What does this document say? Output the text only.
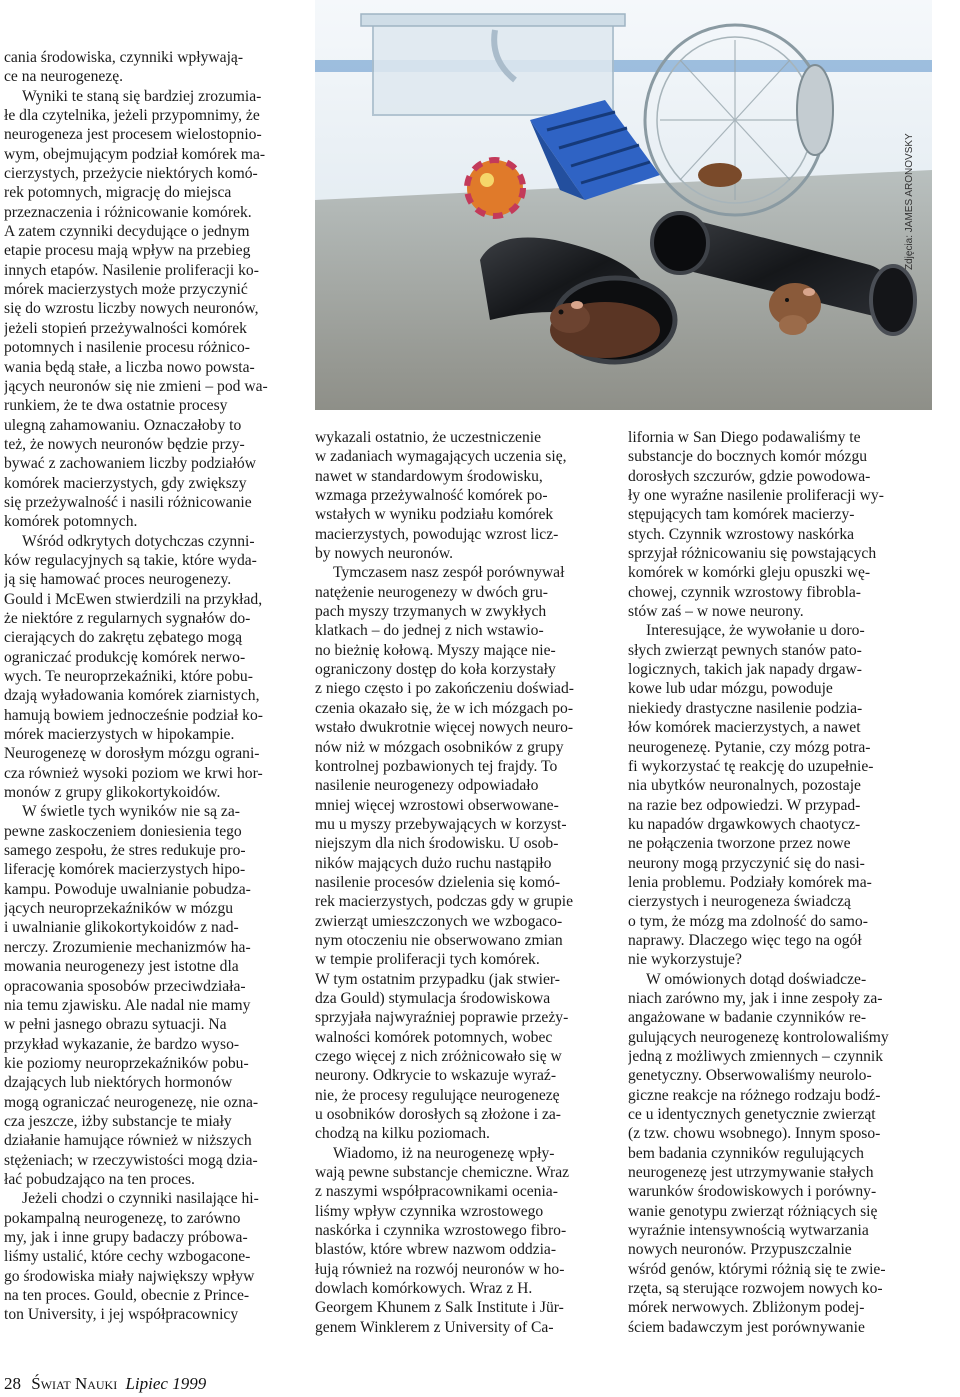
Zdjęcia: JAMES ARONOVSKY
cania środowiska, czynniki wpływają-
ce na neurogenezę.
Wyniki te staną się bardziej zrozumia-
łe dla czytelnika, jeżeli przypomnimy, że
neurogeneza jest procesem wielostopnio-
wym, obejmującym podział komórek ma-
cierzystych, przeżycie niektórych komó-
rek potomnych, migrację do miejsca
przeznaczenia i różnicowanie komórek.
A zatem czynniki decydujące o jednym
etapie procesu mają wpływ na przebieg
innych etapów. Nasilenie proliferacji ko-
mórek macierzystych może przyczynić
się do wzrostu liczby nowych neuronów,
jeżeli stopień przeżywalności komórek
potomnych i nasilenie procesu różnico-
wania będą stałe, a liczba nowo powsta-
jących neuronów się nie zmieni – pod wa-
runkiem, że te dwa ostatnie procesy
ulegną zahamowaniu. Oznaczałoby to
też, że nowych neuronów będzie przy-
bywać z zachowaniem liczby podziałów
komórek macierzystych, gdy zwiększy
się przeżywalność i nasili różnicowanie
komórek potomnych.
Wśród odkrytych dotychczas czynni-
ków regulacyjnych są takie, które wyda-
ją się hamować proces neurogenezy.
Gould i McEwen stwierdzili na przykład,
że niektóre z regularnych sygnałów do-
cierających do zakrętu zębatego mogą
ograniczać produkcję komórek nerwo-
wych. Te neuroprzekaźniki, które pobu-
dzają wyładowania komórek ziarnistych,
hamują bowiem jednocześnie podział ko-
mórek macierzystych w hipokampie.
Neurogenezę w dorosłym mózgu ograni-
cza również wysoki poziom we krwi hor-
monów z grupy glikokortykoidów.
W świetle tych wyników nie są za-
pewne zaskoczeniem doniesienia tego
samego zespołu, że stres redukuje pro-
liferację komórek macierzystych hipo-
kampu. Powoduje uwalnianie pobudza-
jących neuroprzekaźników w mózgu
i uwalnianie glikokortykoidów z nad-
nerczy. Zrozumienie mechanizmów ha-
mowania neurogenezy jest istotne dla
opracowania sposobów przeciwdziała-
nia temu zjawisku. Ale nadal nie mamy
w pełni jasnego obrazu sytuacji. Na
przykład wykazanie, że bardzo wyso-
kie poziomy neuroprzekaźników pobu-
dzających lub niektórych hormonów
mogą ograniczać neurogenezę, nie ozna-
cza jeszcze, iżby substancje te miały
działanie hamujące również w niższych
stężeniach; w rzeczywistości mogą dzia-
łać pobudzająco na ten proces.
Jeżeli chodzi o czynniki nasilające hi-
pokampalną neurogenezę, to zarówno
my, jak i inne grupy badaczy próbowa-
liśmy ustalić, które cechy wzbogacone-
go środowiska miały największy wpływ
na ten proces. Gould, obecnie z Prince-
ton University, i jej współpracownicy
wykazali ostatnio, że uczestniczenie
w zadaniach wymagających uczenia się,
nawet w standardowym środowisku,
wzmaga przeżywalność komórek po-
wstałych w wyniku podziału komórek
macierzystych, powodując wzrost licz-
by nowych neuronów.
Tymczasem nasz zespół porównywał
natężenie neurogenezy w dwóch gru-
pach myszy trzymanych w zwykłych
klatkach – do jednej z nich wstawio-
no bieżnię kołową. Myszy mające nie-
ograniczony dostęp do koła korzystały
z niego często i po zakończeniu doświad-
czenia okazało się, że w ich mózgach po-
wstało dwukrotnie więcej nowych neuro-
nów niż w mózgach osobników z grupy
kontrolnej pozbawionych tej frajdy. To
nasilenie neurogenezy odpowiadało
mniej więcej wzrostowi obserwowane-
mu u myszy przebywających w korzyst-
niejszym dla nich środowisku. U osob-
ników mających dużo ruchu nastąpiło
nasilenie procesów dzielenia się komó-
rek macierzystych, podczas gdy w grupie
zwierząt umieszczonych we wzbogaco-
nym otoczeniu nie obserwowano zmian
w tempie proliferacji tych komórek.
W tym ostatnim przypadku (jak stwier-
dza Gould) stymulacja środowiskowa
sprzyjała najwyraźniej poprawie przeży-
walności komórek potomnych, wobec
czego więcej z nich zróżnicowało się w
neurony. Odkrycie to wskazuje wyraź-
nie, że procesy regulujące neurogenezę
u osobników dorosłych są złożone i za-
chodzą na kilku poziomach.
Wiadomo, iż na neurogenezę wpły-
wają pewne substancje chemiczne. Wraz
z naszymi współpracownikami oceniа-
liśmy wpływ czynnika wzrostowego
naskórka i czynnika wzrostowego fibro-
blastów, które wbrew nazwom oddzia-
łują również na rozwój neuronów w ho-
dowlach komórkowych. Wraz z H.
Georgem Khunem z Salk Institute i Jür-
genem Winklerem z University of Ca-
lifornia w San Diego podawaliśmy te
substancje do bocznych komór mózgu
dorosłych szczurów, gdzie powodowa-
ły one wyraźne nasilenie proliferacji wy-
stępujących tam komórek macierzy-
stych. Czynnik wzrostowy naskórka
sprzyjał różnicowaniu się powstających
komórek w komórki gleju opuszki wę-
chowej, czynnik wzrostowy fibrobla-
stów zaś – w nowe neurony.
Interesujące, że wywołanie u doro-
słych zwierząt pewnych stanów pato-
logicznych, takich jak napady drgaw-
kowe lub udar mózgu, powoduje
niekiedy drastyczne nasilenie podzia-
łów komórek macierzystych, a nawet
neurogenezę. Pytanie, czy mózg potra-
fi wykorzystać tę reakcję do uzupełnie-
nia ubytków neuronalnych, pozostaje
na razie bez odpowiedzi. W przypad-
ku napadów drgawkowych chaotycz-
ne połączenia tworzone przez nowe
neurony mogą przyczynić się do nasi-
lenia problemu. Podziały komórek ma-
cierzystych i neurogeneza świadczą
o tym, że mózg ma zdolność do samo-
naprawy. Dlaczego więc tego na ogół
nie wykorzystuje?
W omówionych dotąd doświadcze-
niach zarówno my, jak i inne zespoły za-
angażowane w badanie czynników re-
gulujących neurogenezę kontrolowaliśmy
jedną z możliwych zmiennych – czynnik
genetyczny. Obserwowaliśmy neurolo-
giczne reakcje na różnego rodzaju bodź-
ce u identycznych genetycznie zwierząt
(z tzw. chowu wsobnego). Innym sposo-
bem badania czynników regulujących
neurogenezę jest utrzymywanie stałych
warunków środowiskowych i porówny-
wanie genotypu zwierząt różniących się
wyraźnie intensywnością wytwarzania
nowych neuronów. Przypuszczalnie
wśród genów, którymi różnią się te zwie-
rzęta, są sterujące rozwojem nowych ko-
mórek nerwowych. Zbliżonym podej-
ściem badawczym jest porównywanie
28 Świat Nauki Lipiec 1999
